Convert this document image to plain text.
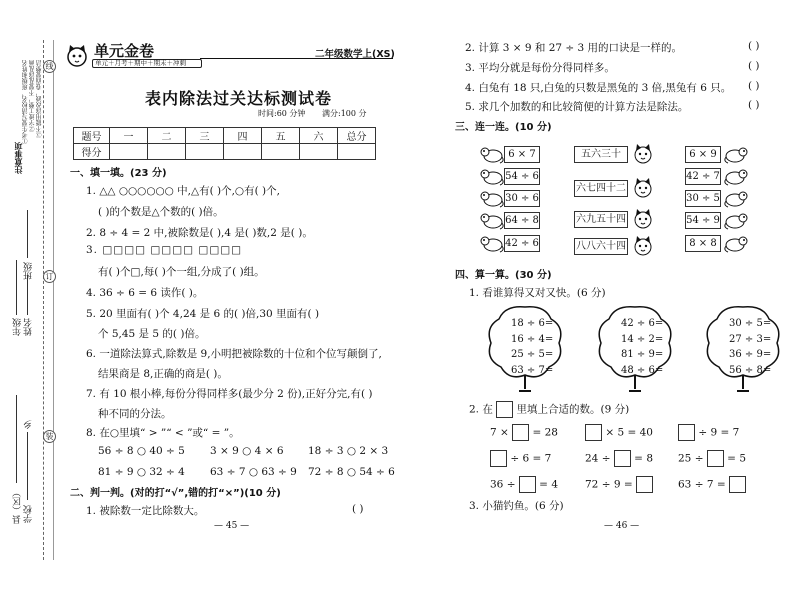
线
订
装
注意事项
①考生要写清校名、班级和姓名 ②字迹工整，不要乱涂乱画 ③不能用涂改液，卷面要整洁
班级
年级 姓名
县（区）
乡
学校
单元金卷
单元＋月考＋期中＋期末＋冲刺
二年级数学上(XS)
表内除法过关达标测试卷
时间:60 分钟 满分:100 分
题号	一	二	三	四	五	六	总分
得分							
一、填一填。(23 分)
1. △△ ○○○○○○ 中,△有( )个,○有( )个,
( )的个数是△个数的( )倍。
2. 8 ÷ 4 = 2 中,被除数是( ),4 是( )数,2 是( )。
3. □□□□ □□□□ □□□□
有( )个□,每( )个一组,分成了( )组。
4. 36 ÷ 6 = 6 读作( )。
5. 20 里面有( )个 4,24 是 6 的( )倍,30 里面有( )
个 5,45 是 5 的( )倍。
6. 一道除法算式,除数是 9,小明把被除数的十位和个位写颠倒了,
结果商是 8,正确的商是( )。
7. 有 10 根小棒,每份分得同样多(最少分 2 份),正好分完,有( )
种不同的分法。
8. 在○里填“ > ”“ < ”或“ = ”。
56 ÷ 8 ○ 40 ÷ 5 3 × 9 ○ 4 × 6 18 ÷ 3 ○ 2 × 3
81 ÷ 9 ○ 32 ÷ 4 63 ÷ 7 ○ 63 ÷ 9 72 ÷ 8 ○ 54 ÷ 6
二、判一判。(对的打“√”,错的打“×”)(10 分)
1. 被除数一定比除数大。	( )
— 45 —
2. 计算 3 × 9 和 27 ÷ 3 用的口诀是一样的。	( )
3. 平均分就是每份分得同样多。	( )
4. 白兔有 18 只,白兔的只数是黑兔的 3 倍,黑兔有 6 只。 ( )
5. 求几个加数的和比较简便的计算方法是除法。	( )
三、连一连。(10 分)
6 × 7
54 ÷ 6
30 ÷ 6
64 ÷ 8
42 ÷ 6
五六三十
六七四十二
六九五十四
八八六十四
6 × 9
42 ÷ 7
30 ÷ 5
54 ÷ 9
8 × 8
四、算一算。(30 分)
1. 看谁算得又对又快。(6 分)
18 ÷ 6=
16 ÷ 4=
25 ÷ 5=
63 ÷ 7=
42 ÷ 6=
14 ÷ 2=
81 ÷ 9=
48 ÷ 6=
30 ÷ 5=
27 ÷ 3=
36 ÷ 9=
56 ÷ 8=
2. 在 里填上合适的数。(9 分)
7 ×  = 28	× 5 = 40	÷ 9 = 7
÷ 6 = 7	24 ÷  = 8 25 ÷  = 5
36 ÷  = 4	72 ÷ 9 =	63 ÷ 7 =
3. 小猫钓鱼。(6 分)
— 46 —
